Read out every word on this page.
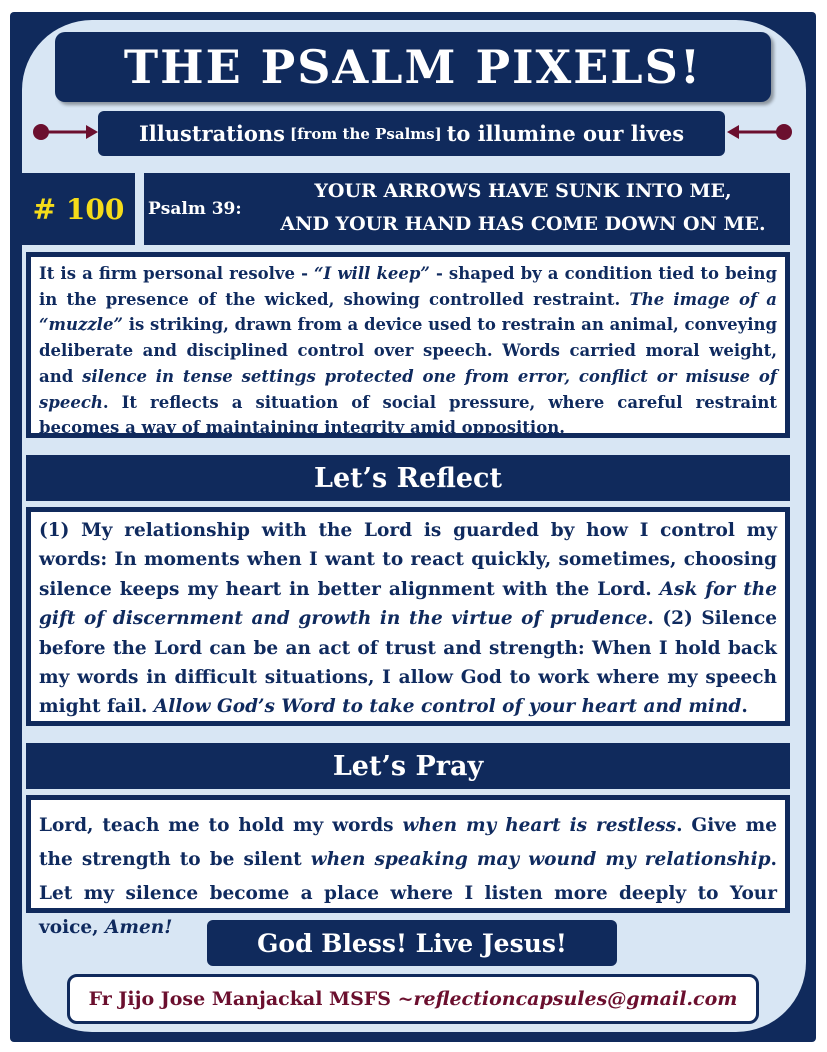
THE PSALM PIXELS!
Illustrations [from the Psalms] to illumine our lives
# 100 Psalm 39:
YOUR ARROWS HAVE SUNK INTO ME,
AND YOUR HAND HAS COME DOWN ON ME.
It is a firm personal resolve - “I will keep” - shaped by a condition tied to being in the presence of the wicked, showing controlled restraint. The image of a “muzzle” is striking, drawn from a device used to restrain an animal, conveying deliberate and disciplined control over speech. Words carried moral weight, and silence in tense settings protected one from error, conflict or misuse of speech. It reflects a situation of social pressure, where careful restraint becomes a way of maintaining integrity amid opposition.
Let’s Reflect
(1) My relationship with the Lord is guarded by how I control my words: In moments when I want to react quickly, sometimes, choosing silence keeps my heart in better alignment with the Lord. Ask for the gift of discernment and growth in the virtue of prudence. (2) Silence before the Lord can be an act of trust and strength: When I hold back my words in difficult situations, I allow God to work where my speech might fail. Allow God’s Word to take control of your heart and mind.
Let’s Pray
Lord, teach me to hold my words when my heart is restless. Give me the strength to be silent when speaking may wound my relationship. Let my silence become a place where I listen more deeply to Your voice, Amen!
God Bless! Live Jesus!
Fr Jijo Jose Manjackal MSFS ~ reflectioncapsules@gmail.com
